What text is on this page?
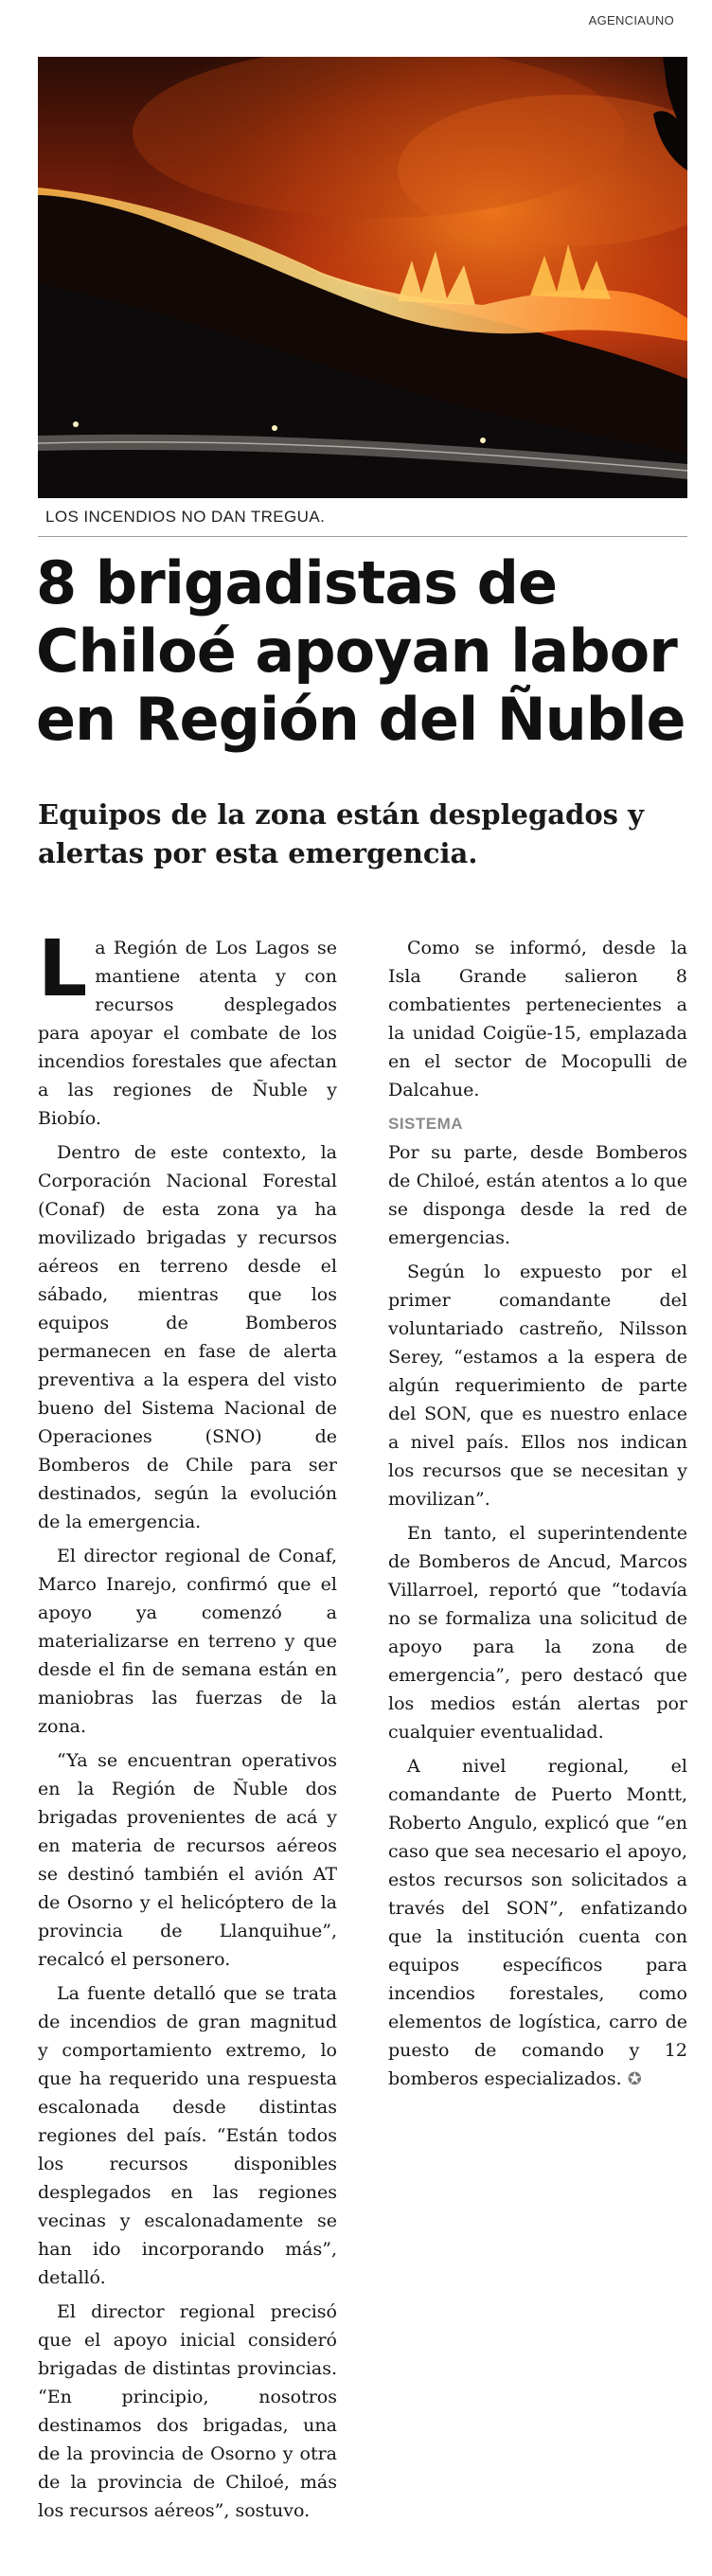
AGENCIAUNO
LOS INCENDIOS NO DAN TREGUA.
8 brigadistas de Chiloé apoyan labor en Región del Ñuble
Equipos de la zona están desplegados y alertas por esta emergencia.

La Región de Los Lagos se mantiene atenta y con recursos desplegados para apoyar el combate de los incendios forestales que afectan a las regiones de Ñuble y Biobío.

Dentro de este contexto, la Corporación Nacional Forestal (Conaf) de esta zona ya ha movilizado brigadas y recursos aéreos en terreno desde el sábado, mientras que los equipos de Bomberos permanecen en fase de alerta preventiva a la espera del visto bueno del Sistema Nacional de Operaciones (SNO) de Bomberos de Chile para ser destinados, según la evolución de la emergencia.

El director regional de Conaf, Marco Inarejo, confirmó que el apoyo ya comenzó a materializarse en terreno y que desde el fin de semana están en maniobras las fuerzas de la zona.

“Ya se encuentran operativos en la Región de Ñuble dos brigadas provenientes de acá y en materia de recursos aéreos se destinó también el avión AT de Osorno y el helicóptero de la provincia de Llanquihue”, recalcó el personero.

La fuente detalló que se trata de incendios de gran magnitud y comportamiento extremo, lo que ha requerido una respuesta escalonada desde distintas regiones del país. “Están todos los recursos disponibles desplegados en las regiones vecinas y escalonadamente se han ido incorporando más”, detalló.

El director regional precisó que el apoyo inicial consideró brigadas de distintas provincias. “En principio, nosotros destinamos dos brigadas, una de la provincia de Osorno y otra de la provincia de Chiloé, más los recursos aéreos”, sostuvo.

Como se informó, desde la Isla Grande salieron 8 combatientes pertenecientes a la unidad Coigüe-15, emplazada en el sector de Mocopulli de Dalcahue.

SISTEMA

Por su parte, desde Bomberos de Chiloé, están atentos a lo que se disponga desde la red de emergencias.

Según lo expuesto por el primer comandante del voluntariado castreño, Nilsson Serey, “estamos a la espera de algún requerimiento de parte del SON, que es nuestro enlace a nivel país. Ellos nos indican los recursos que se necesitan y movilizan”.

En tanto, el superintendente de Bomberos de Ancud, Marcos Villarroel, reportó que “todavía no se formaliza una solicitud de apoyo para la zona de emergencia”, pero destacó que los medios están alertas por cualquier eventualidad.

A nivel regional, el comandante de Puerto Montt, Roberto Angulo, explicó que “en caso que sea necesario el apoyo, estos recursos son solicitados a través del SON”, enfatizando que la institución cuenta con equipos específicos para incendios forestales, como elementos de logística, carro de puesto de comando y 12 bomberos especializados. ✪
